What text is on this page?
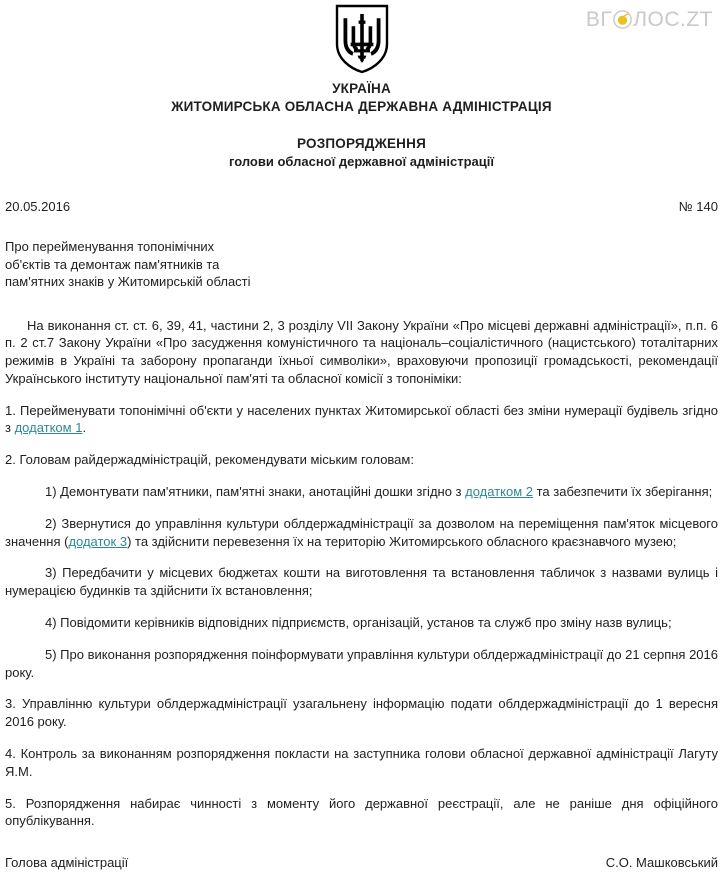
ВГ ЛОС.ZT
УКРАЇНА
ЖИТОМИРСЬКА ОБЛАСНА ДЕРЖАВНА АДМІНІСТРАЦІЯ
РОЗПОРЯДЖЕННЯ
голови обласної державної адміністрації
20.05.2016	№ 140
Про перейменування топонімічних
об'єктів та демонтаж пам'ятників та
пам'ятних знаків у Житомирській області

На виконання ст. ст. 6, 39, 41, частини 2, 3 розділу VII Закону України «Про місцеві державні адміністрації», п.п. 6 п. 2 ст.7 Закону України «Про засудження комуністичного та національ–соціалістичного (нацистського) тоталітарних режимів в Україні та заборону пропаганди їхньої символіки», враховуючи пропозиції громадськості, рекомендації Українського інституту національної пам'яті та обласної комісії з топоніміки:

1. Перейменувати топонімічні об'єкти у населених пунктах Житомирської області без зміни нумерації будівель згідно з додатком 1.

2. Головам райдержадміністрацій, рекомендувати міським головам:

1) Демонтувати пам'ятники, пам'ятні знаки, анотаційні дошки згідно з додатком 2 та забезпечити їх зберігання;

2) Звернутися до управління культури облдержадміністрації за дозволом на переміщення пам'яток місцевого значення (додаток 3) та здійснити перевезення їх на територію Житомирського обласного краєзнавчого музею;

3) Передбачити у місцевих бюджетах кошти на виготовлення та встановлення табличок з назвами вулиць і нумерацією будинків та здійснити їх встановлення;

4) Повідомити керівників відповідних підприємств, організацій, установ та служб про зміну назв вулиць;

5) Про виконання розпорядження поінформувати управління культури облдержадміністрації до 21 серпня 2016 року.

3. Управлінню культури облдержадміністрації узагальнену інформацію подати облдержадміністрації до 1 вересня 2016 року.

4. Контроль за виконанням розпорядження покласти на заступника голови обласної державної адміністрації Лагуту Я.М.

5. Розпорядження набирає чинності з моменту його державної реєстрації, але не раніше дня офіційного опублікування.

Голова адміністрації	С.О. Машковський
